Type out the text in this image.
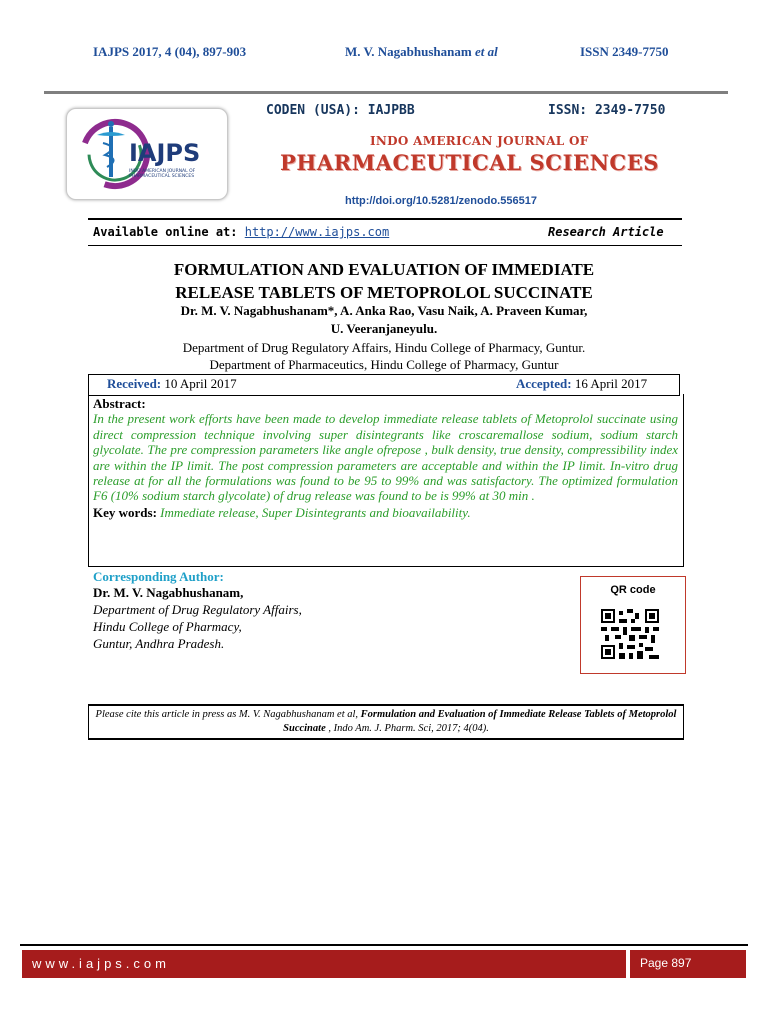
IAJPS 2017, 4 (04), 897-903	M. V. Nagabhushanam et al	ISSN 2349-7750
IAJPS
INDO AMERICAN JOURNAL OF PHARMACEUTICAL SCIENCES
CODEN (USA): IAJPBB	ISSN: 2349-7750
INDO AMERICAN JOURNAL OF
PHARMACEUTICAL SCIENCES
http://doi.org/10.5281/zenodo.556517
Available online at: http://www.iajps.com	Research Article
FORMULATION AND EVALUATION OF IMMEDIATE
RELEASE TABLETS OF METOPROLOL SUCCINATE
Dr. M. V. Nagabhushanam*, A. Anka Rao, Vasu Naik, A. Praveen Kumar,
U. Veeranjaneyulu.
Department of Drug Regulatory Affairs, Hindu College of Pharmacy, Guntur.
Department of Pharmaceutics, Hindu College of Pharmacy, Guntur
Received: 10 April 2017	Accepted: 16 April 2017
Abstract:
In the present work efforts have been made to develop immediate release tablets of Metoprolol succinate using direct compression technique involving super disintegrants like croscaremallose sodium, sodium starch glycolate. The pre compression parameters like angle ofrepose , bulk density, true density, compressibility index are within the IP limit. The post compression parameters are acceptable and within the IP limit. In-vitro drug release at for all the formulations was found to be 95 to 99% and was satisfactory. The optimized formulation F6 (10% sodium starch glycolate) of drug release was found to be is 99% at 30 min .
Key words: Immediate release, Super Disintegrants and bioavailability.
Corresponding Author:
Dr. M. V. Nagabhushanam,
Department of Drug Regulatory Affairs,
Hindu College of Pharmacy,
Guntur, Andhra Pradesh.
QR code
Please cite this article in press as M. V. Nagabhushanam et al, Formulation and Evaluation of Immediate Release Tablets of Metoprolol Succinate , Indo Am. J. Pharm. Sci, 2017; 4(04).
www.iajps.com	Page 897
